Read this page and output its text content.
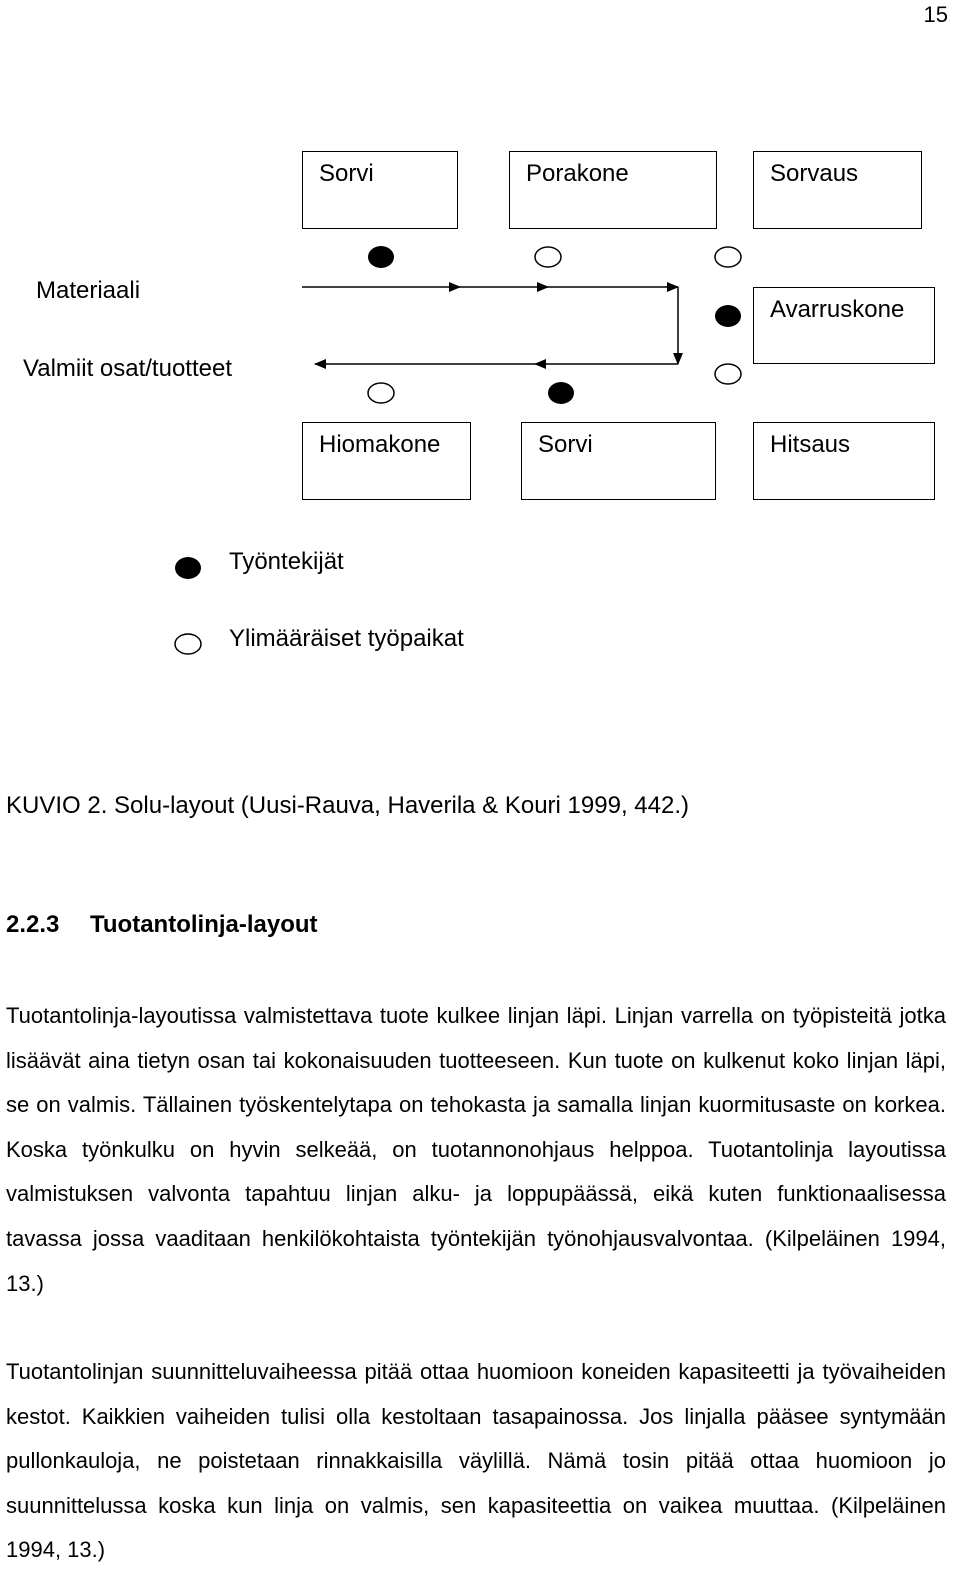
15
Sorvi	Porakone	Sorvaus
Avarruskone
Hiomakone	Sorvi	Hitsaus
Materiaali
Valmiit osat/tuotteet
Työntekijät
Ylimääräiset työpaikat
KUVIO 2. Solu-layout (Uusi-Rauva, Haverila & Kouri 1999, 442.)
2.2.3 Tuotantolinja-layout
Tuotantolinja-layoutissa valmistettava tuote kulkee linjan läpi. Linjan varrella on työpisteitä jotka lisäävät aina tietyn osan tai kokonaisuuden tuotteeseen. Kun tuote on kulkenut koko linjan läpi, se on valmis. Tällainen työskentelytapa on tehokasta ja samalla linjan kuormitusaste on korkea. Koska työnkulku on hyvin selkeää, on tuotannonohjaus helppoa. Tuotantolinja layoutissa valmistuksen valvonta tapahtuu linjan alku- ja loppupäässä, eikä kuten funktionaalisessa tavassa jossa vaaditaan henkilökohtaista työntekijän työnohjausvalvontaa. (Kilpeläinen 1994, 13.)
Tuotantolinjan suunnitteluvaiheessa pitää ottaa huomioon koneiden kapasiteetti ja työvaiheiden kestot. Kaikkien vaiheiden tulisi olla kestoltaan tasapainossa. Jos linjalla pääsee syntymään pullonkauloja, ne poistetaan rinnakkaisilla väylillä. Nämä tosin pitää ottaa huomioon jo suunnittelussa koska kun linja on valmis, sen kapasiteettia on vaikea muuttaa. (Kilpeläinen 1994, 13.)
